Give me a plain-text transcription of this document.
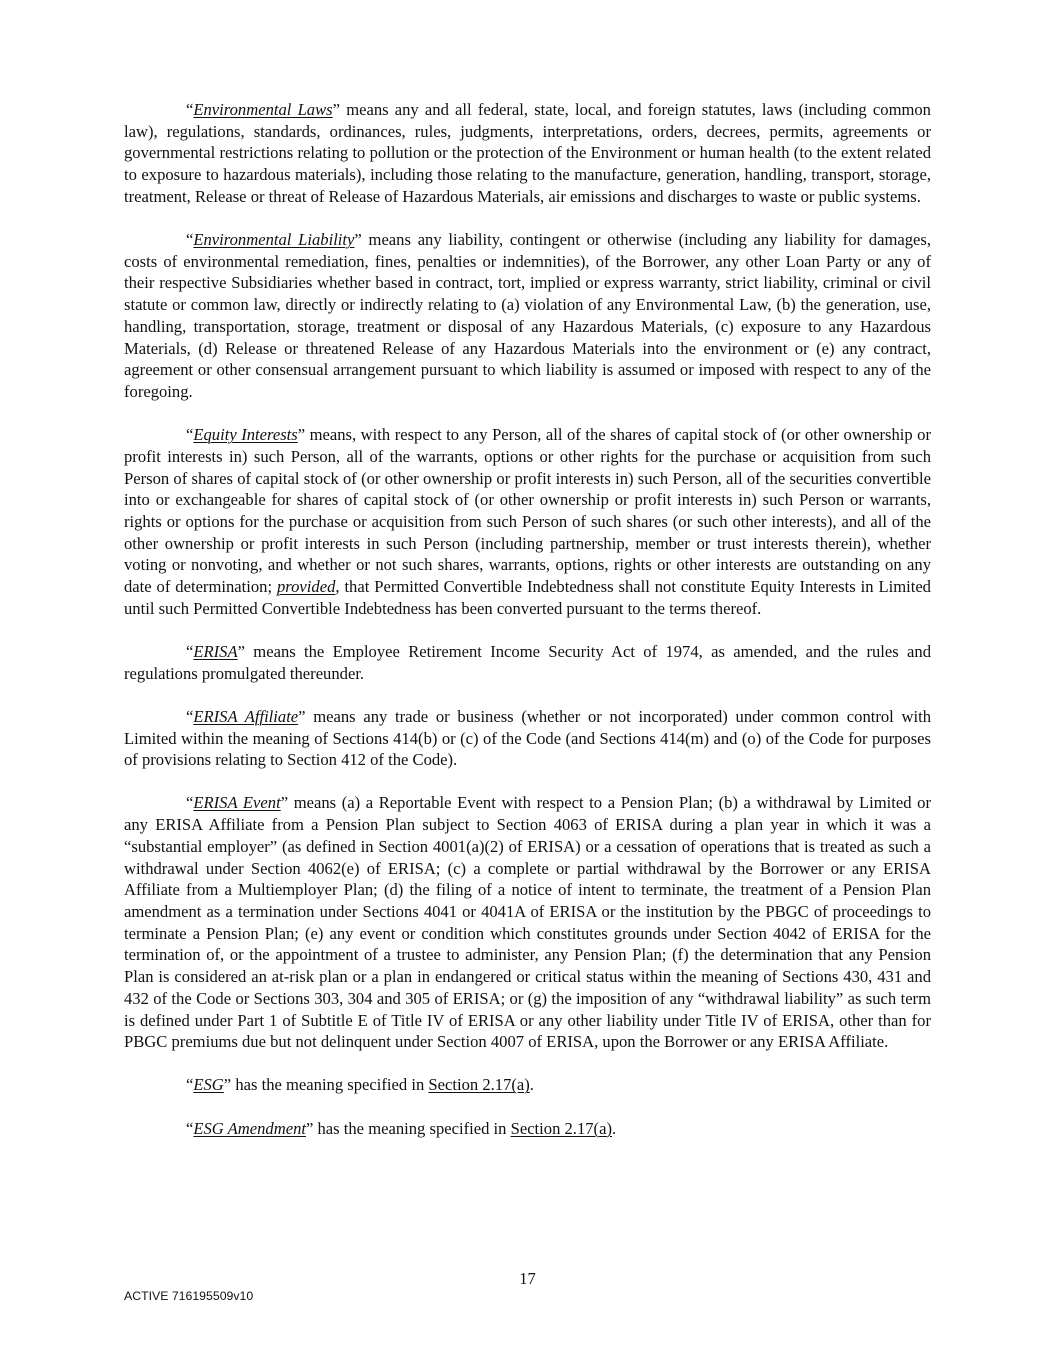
“Environmental Laws” means any and all federal, state, local, and foreign statutes, laws (including common law), regulations, standards, ordinances, rules, judgments, interpretations, orders, decrees, permits, agreements or governmental restrictions relating to pollution or the protection of the Environment or human health (to the extent related to exposure to hazardous materials), including those relating to the manufacture, generation, handling, transport, storage, treatment, Release or threat of Release of Hazardous Materials, air emissions and discharges to waste or public systems.

“Environmental Liability” means any liability, contingent or otherwise (including any liability for damages, costs of environmental remediation, fines, penalties or indemnities), of the Borrower, any other Loan Party or any of their respective Subsidiaries whether based in contract, tort, implied or express warranty, strict liability, criminal or civil statute or common law, directly or indirectly relating to (a) violation of any Environmental Law, (b) the generation, use, handling, transportation, storage, treatment or disposal of any Hazardous Materials, (c) exposure to any Hazardous Materials, (d) Release or threatened Release of any Hazardous Materials into the environment or (e) any contract, agreement or other consensual arrangement pursuant to which liability is assumed or imposed with respect to any of the foregoing.

“Equity Interests” means, with respect to any Person, all of the shares of capital stock of (or other ownership or profit interests in) such Person, all of the warrants, options or other rights for the purchase or acquisition from such Person of shares of capital stock of (or other ownership or profit interests in) such Person, all of the securities convertible into or exchangeable for shares of capital stock of (or other ownership or profit interests in) such Person or warrants, rights or options for the purchase or acquisition from such Person of such shares (or such other interests), and all of the other ownership or profit interests in such Person (including partnership, member or trust interests therein), whether voting or nonvoting, and whether or not such shares, warrants, options, rights or other interests are outstanding on any date of determination; provided, that Permitted Convertible Indebtedness shall not constitute Equity Interests in Limited until such Permitted Convertible Indebtedness has been converted pursuant to the terms thereof.

“ERISA” means the Employee Retirement Income Security Act of 1974, as amended, and the rules and regulations promulgated thereunder.

“ERISA Affiliate” means any trade or business (whether or not incorporated) under common control with Limited within the meaning of Sections 414(b) or (c) of the Code (and Sections 414(m) and (o) of the Code for purposes of provisions relating to Section 412 of the Code).

“ERISA Event” means (a) a Reportable Event with respect to a Pension Plan; (b) a withdrawal by Limited or any ERISA Affiliate from a Pension Plan subject to Section 4063 of ERISA during a plan year in which it was a “substantial employer” (as defined in Section 4001(a)(2) of ERISA) or a cessation of operations that is treated as such a withdrawal under Section 4062(e) of ERISA; (c) a complete or partial withdrawal by the Borrower or any ERISA Affiliate from a Multiemployer Plan; (d) the filing of a notice of intent to terminate, the treatment of a Pension Plan amendment as a termination under Sections 4041 or 4041A of ERISA or the institution by the PBGC of proceedings to terminate a Pension Plan; (e) any event or condition which constitutes grounds under Section 4042 of ERISA for the termination of, or the appointment of a trustee to administer, any Pension Plan; (f) the determination that any Pension Plan is considered an at-risk plan or a plan in endangered or critical status within the meaning of Sections 430, 431 and 432 of the Code or Sections 303, 304 and 305 of ERISA; or (g) the imposition of any “withdrawal liability” as such term is defined under Part 1 of Subtitle E of Title IV of ERISA or any other liability under Title IV of ERISA, other than for PBGC premiums due but not delinquent under Section 4007 of ERISA, upon the Borrower or any ERISA Affiliate.

“ESG” has the meaning specified in Section 2.17(a).

“ESG Amendment” has the meaning specified in Section 2.17(a).

17
ACTIVE 716195509v10
